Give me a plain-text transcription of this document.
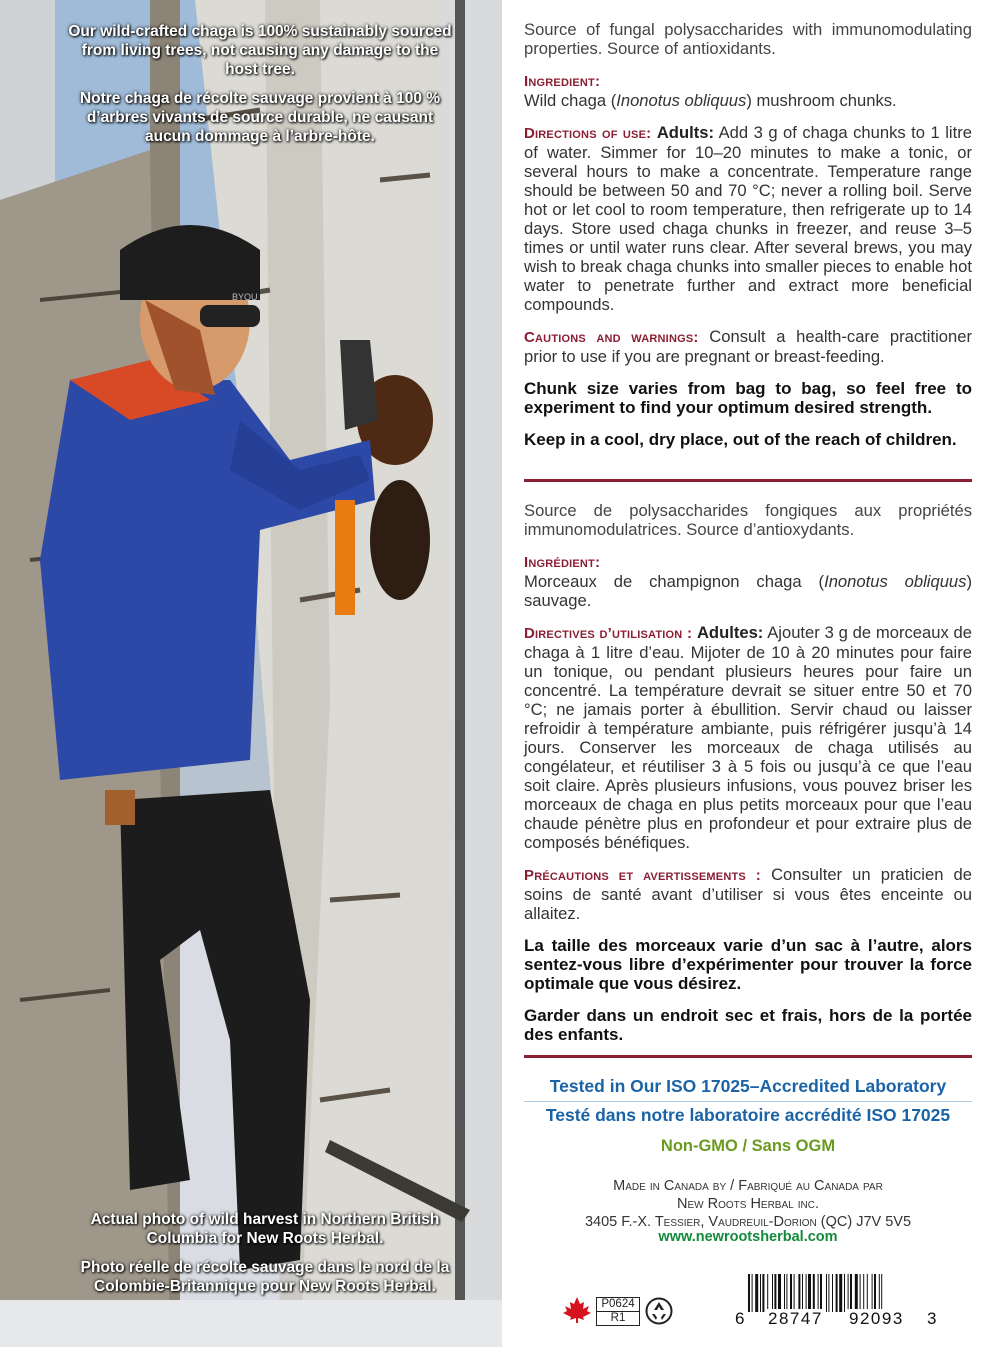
Our wild-crafted chaga is 100% sustainably sourced from living trees, not causing any damage to the host tree.

Notre chaga de récolte sauvage provient à 100 % d’arbres vivants de source durable, ne causant aucun dommage à l’arbre-hôte.

Actual photo of wild harvest in Northern British Columbia for New Roots Herbal.

Photo réelle de récolte sauvage dans le nord de la Colombie-Britannique pour New Roots Herbal.

BYOU

Source of fungal polysaccharides with immunomodulating properties. Source of antioxidants.

Ingredient:
Wild chaga (Inonotus obliquus) mushroom chunks.

Directions of use: Adults: Add 3 g of chaga chunks to 1 litre of water. Simmer for 10–20 minutes to make a tonic, or several hours to make a concentrate. Temperature range should be between 50 and 70 °C; never a rolling boil. Serve hot or let cool to room temperature, then refrigerate up to 14 days. Store used chaga chunks in freezer, and reuse 3–5 times or until water runs clear. After several brews, you may wish to break chaga chunks into smaller pieces to enable hot water to penetrate further and extract more beneficial compounds.

Cautions and warnings: Consult a health-care practitioner prior to use if you are pregnant or breast-feeding.

Chunk size varies from bag to bag, so feel free to experiment to find your optimum desired strength.

Keep in a cool, dry place, out of the reach of children.

Source de polysaccharides fongiques aux propriétés immunomodulatrices. Source d’antioxydants.

Ingrédient:
Morceaux de champignon chaga (Inonotus obliquus) sauvage.

Directives d’utilisation : Adultes: Ajouter 3 g de morceaux de chaga à 1 litre d’eau. Mijoter de 10 à 20 minutes pour faire un tonique, ou pendant plusieurs heures pour faire un concentré. La température devrait se situer entre 50 et 70 °C; ne jamais porter à ébullition. Servir chaud ou laisser refroidir à température ambiante, puis réfrigérer jusqu’à 14 jours. Conserver les morceaux de chaga utilisés au congélateur, et réutiliser 3 à 5 fois ou jusqu’à ce que l’eau soit claire. Après plusieurs infusions, vous pouvez briser les morceaux de chaga en plus petits morceaux pour que l’eau chaude pénètre plus en profondeur et pour extraire plus de composés bénéfiques.

Précautions et avertissements : Consulter un praticien de soins de santé avant d’utiliser si vous êtes enceinte ou allaitez.

La taille des morceaux varie d’un sac à l’autre, alors sentez-vous libre d’expérimenter pour trouver la force optimale que vous désirez.

Garder dans un endroit sec et frais, hors de la portée des enfants.

Tested in Our ISO 17025–Accredited Laboratory
Testé dans notre laboratoire accrédité ISO 17025
Non-GMO / Sans OGM
Made in Canada by / Fabriqué au Canada par
New Roots Herbal inc.
3405 F.-X. Tessier, Vaudreuil-Dorion (QC) J7V 5V5
www.newrootsherbal.com
P0624
R1	6 28747 92093 3
